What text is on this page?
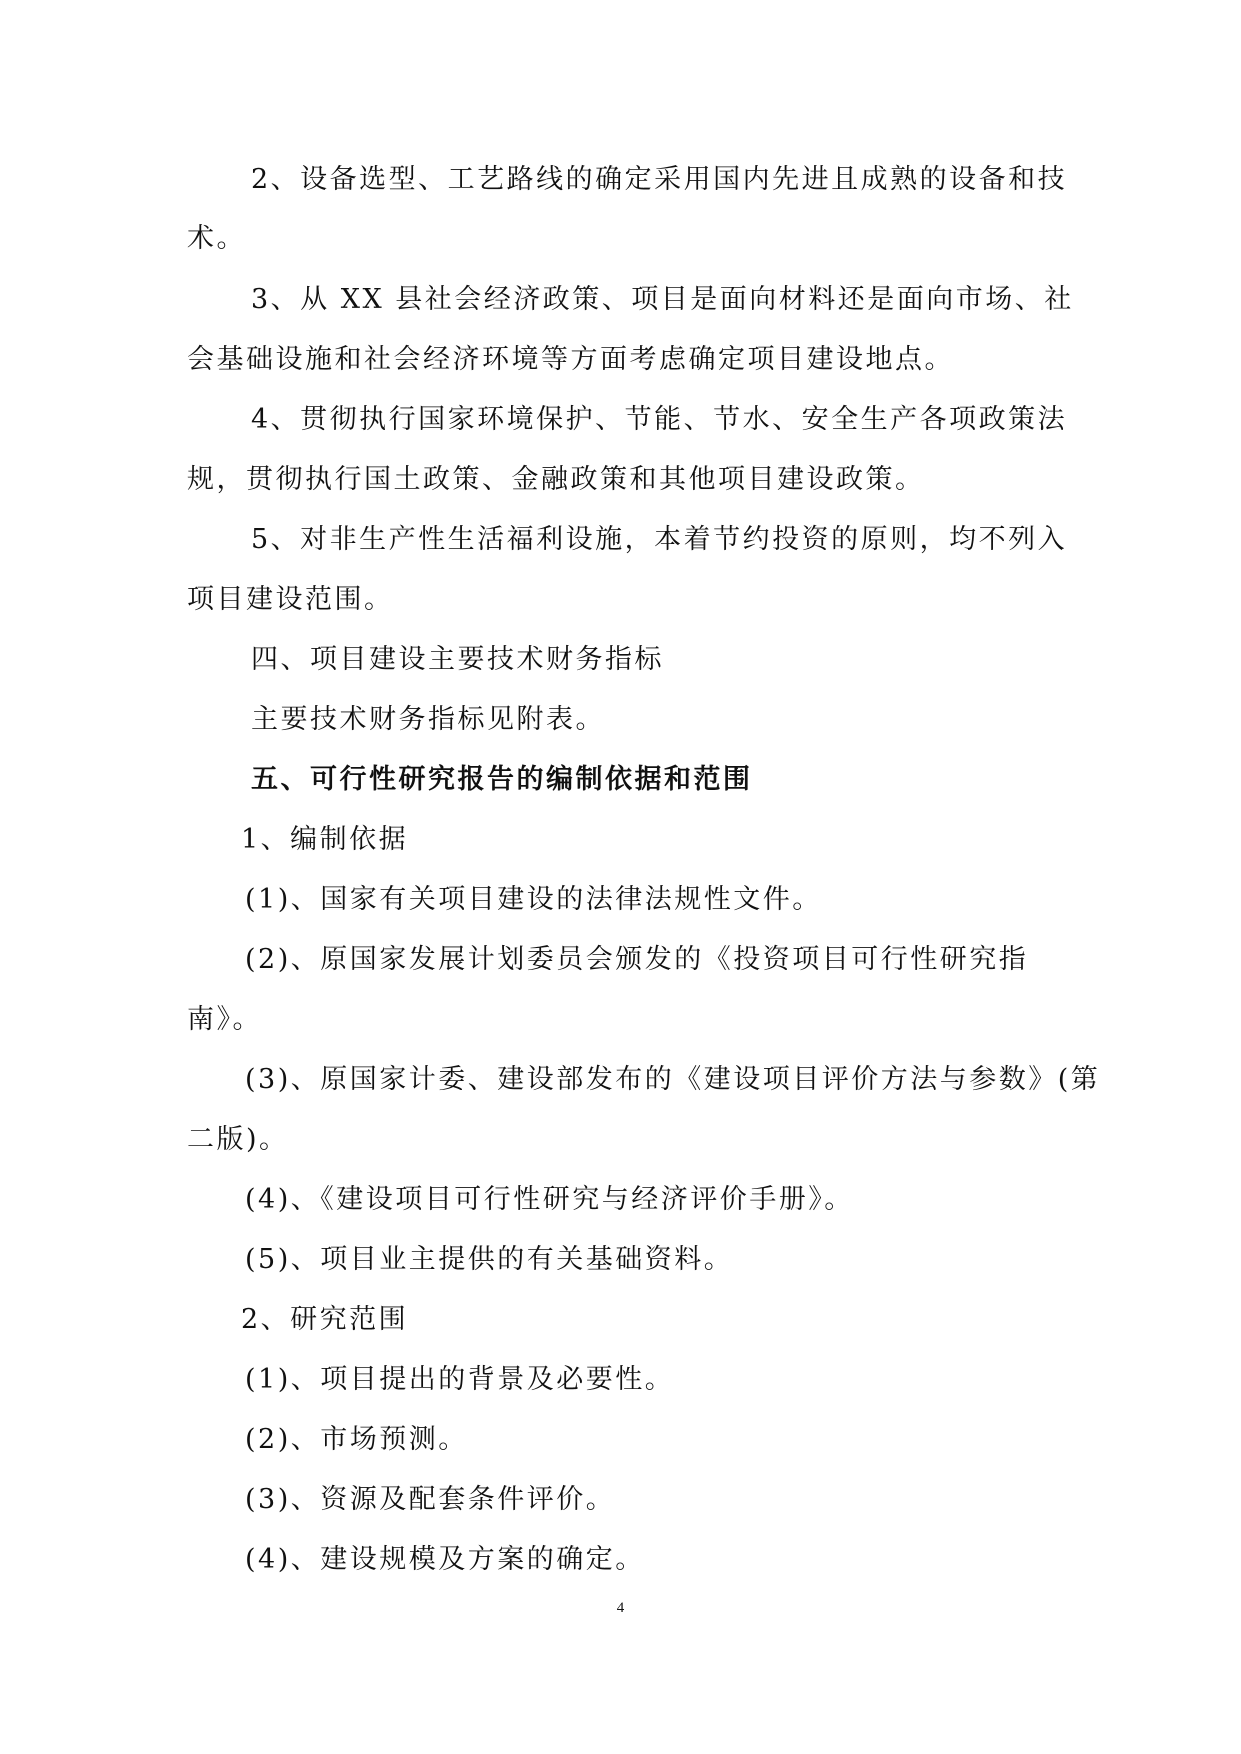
2、设备选型、工艺路线的确定采用国内先进且成熟的设备和技

术。

3、从 XX 县社会经济政策、项目是面向材料还是面向市场、社

会基础设施和社会经济环境等方面考虑确定项目建设地点。

4、贯彻执行国家环境保护、节能、节水、安全生产各项政策法

规，贯彻执行国土政策、金融政策和其他项目建设政策。

5、对非生产性生活福利设施，本着节约投资的原则，均不列入

项目建设范围。

四、项目建设主要技术财务指标

主要技术财务指标见附表。

五、可行性研究报告的编制依据和范围

1、编制依据

(1)、国家有关项目建设的法律法规性文件。

(2)、原国家发展计划委员会颁发的《投资项目可行性研究指

南》。

(3)、原国家计委、建设部发布的《建设项目评价方法与参数》(第

二版)。

(4)、《建设项目可行性研究与经济评价手册》。

(5)、项目业主提供的有关基础资料。

2、研究范围

(1)、项目提出的背景及必要性。

(2)、市场预测。

(3)、资源及配套条件评价。

(4)、建设规模及方案的确定。

4
